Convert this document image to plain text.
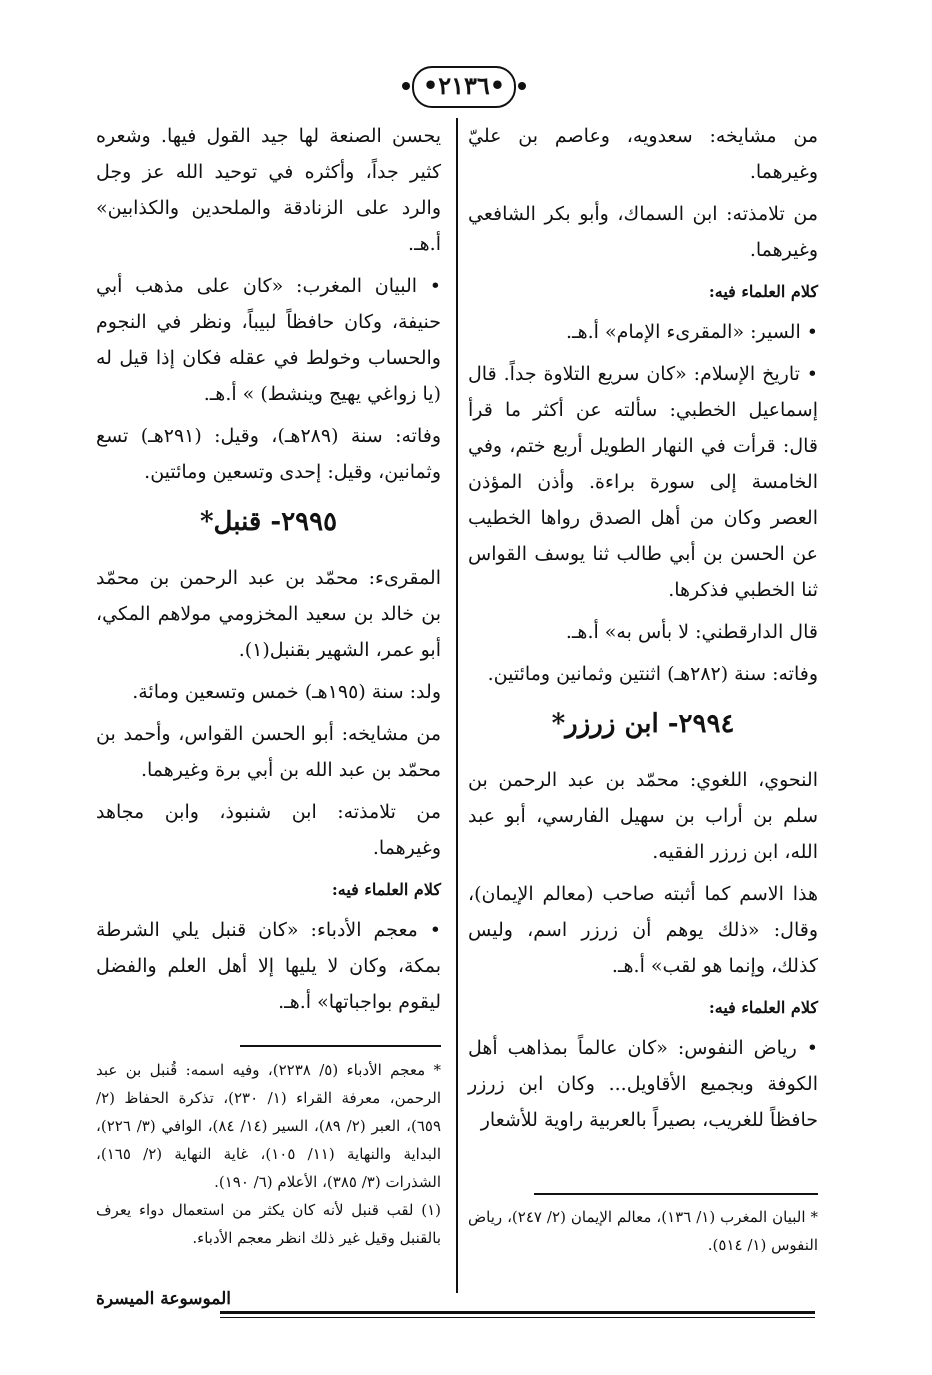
•٢١٣٦•

من مشايخه: سعدويه، وعاصم بن عليّ وغيرهما.

من تلامذته: ابن السماك، وأبو بكر الشافعي وغيرهما.

كلام العلماء فيه:

• السير: «المقرىء الإمام» أ.هـ.

• تاريخ الإسلام: «كان سريع التلاوة جداً. قال إسماعيل الخطبي: سألته عن أكثر ما قرأ قال: قرأت في النهار الطويل أربع ختم، وفي الخامسة إلى سورة براءة. وأذن المؤذن العصر وكان من أهل الصدق رواها الخطيب عن الحسن بن أبي طالب ثنا يوسف القواس ثنا الخطبي فذكرها.

قال الدارقطني: لا بأس به» أ.هـ.

وفاته: سنة (٢٨٢هـ) اثنتين وثمانين ومائتين.

٢٩٩٤- ابن زرزر*

النحوي، اللغوي: محمّد بن عبد الرحمن بن سلم بن أراب بن سهيل الفارسي، أبو عبد الله، ابن زرزر الفقيه.

هذا الاسم كما أثبته صاحب (معالم الإيمان)، وقال: «ذلك يوهم أن زرزر اسم، وليس كذلك، وإنما هو لقب» أ.هـ.

كلام العلماء فيه:

• رياض النفوس: «كان عالماً بمذاهب أهل الكوفة وبجميع الأقاويل... وكان ابن زرزر حافظاً للغريب، بصيراً بالعربية راوية للأشعار

يحسن الصنعة لها جيد القول فيها. وشعره كثير جداً، وأكثره في توحيد الله عز وجل والرد على الزنادقة والملحدين والكذابين» أ.هـ.

• البيان المغرب: «كان على مذهب أبي حنيفة، وكان حافظاً لبيباً، ونظر في النجوم والحساب وخولط في عقله فكان إذا قيل له (يا زواغي يهيج وينشط) » أ.هـ.

وفاته: سنة (٢٨٩هـ)، وقيل: (٢٩١هـ) تسع وثمانين، وقيل: إحدى وتسعين ومائتين.

٢٩٩٥- قنبل*

المقرىء: محمّد بن عبد الرحمن بن محمّد بن خالد بن سعيد المخزومي مولاهم المكي، أبو عمر، الشهير بقنبل(١).

ولد: سنة (١٩٥هـ) خمس وتسعين ومائة.

من مشايخه: أبو الحسن القواس، وأحمد بن محمّد بن عبد الله بن أبي برة وغيرهما.

من تلامذته: ابن شنبوذ، وابن مجاهد وغيرهما.

كلام العلماء فيه:

• معجم الأدباء: «كان قنبل يلي الشرطة بمكة، وكان لا يليها إلا أهل العلم والفضل ليقوم بواجباتها» أ.هـ.

* معجم الأدباء (٥/ ٢٢٣٨)، وفيه اسمه: قُنبل بن عبد الرحمن، معرفة القراء (١/ ٢٣٠)، تذكرة الحفاظ (٢/ ٦٥٩)، العبر (٢/ ٨٩)، السير (١٤/ ٨٤)، الوافي (٣/ ٢٢٦)، البداية والنهاية (١١/ ١٠٥)، غاية النهاية (٢/ ١٦٥)، الشذرات (٣/ ٣٨٥)، الأعلام (٦/ ١٩٠).

(١) لقب قنبل لأنه كان يكثر من استعمال دواء يعرف بالقنبل وقيل غير ذلك انظر معجم الأدباء.

* البيان المغرب (١/ ١٣٦)، معالم الإيمان (٢/ ٢٤٧)، رياض النفوس (١/ ٥١٤).

الموسوعة الميسرة
